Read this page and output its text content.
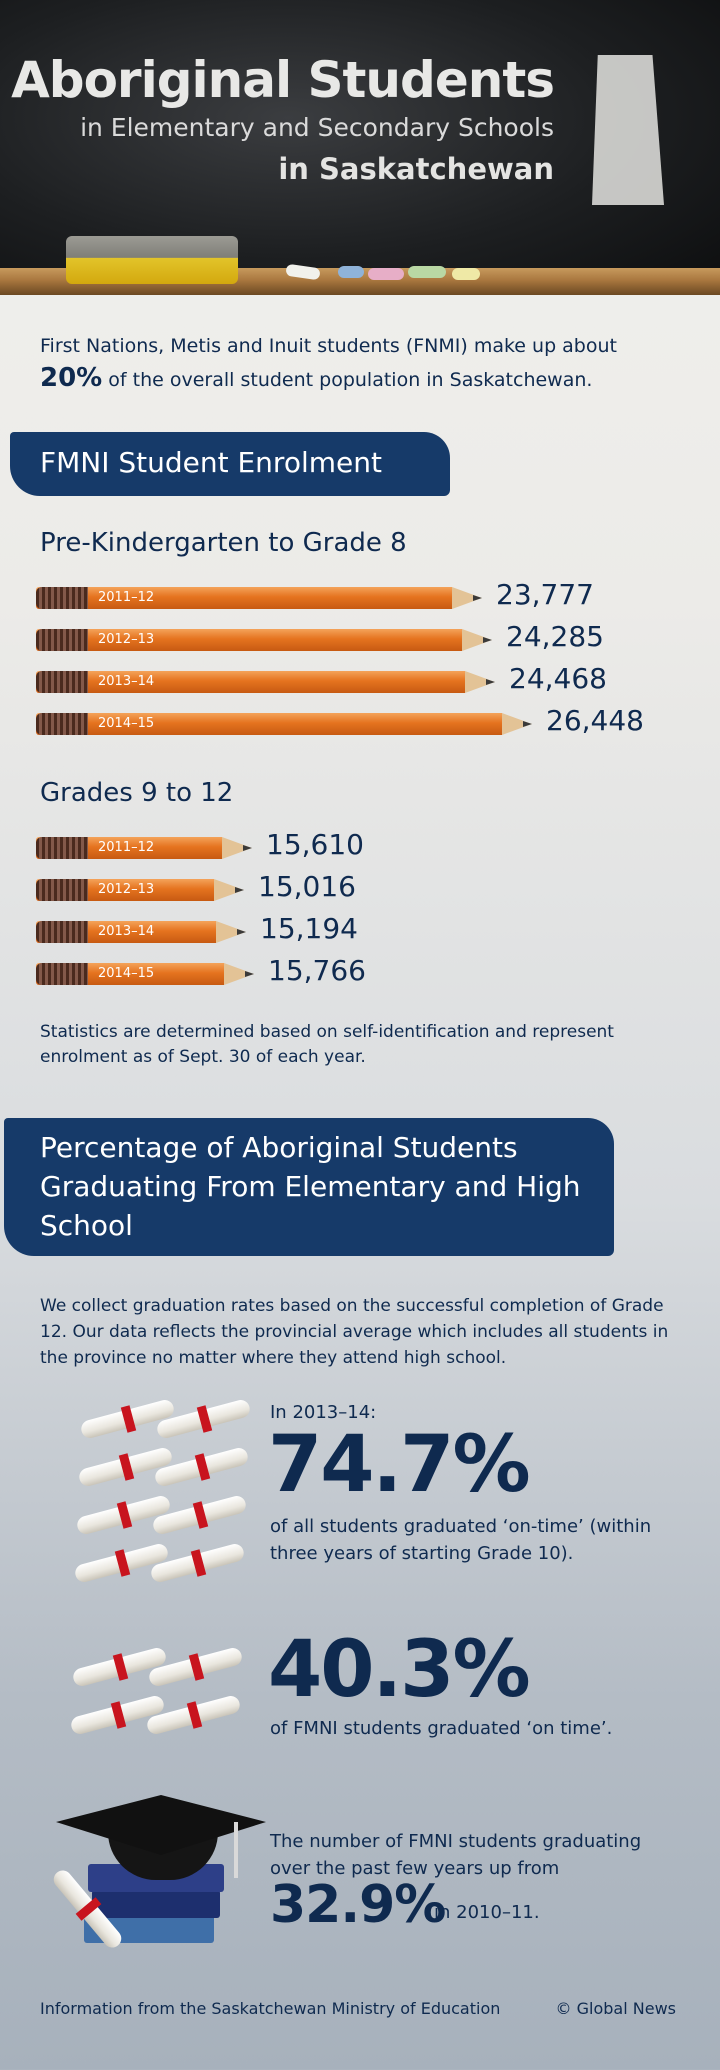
Aboriginal Students
in Elementary and Secondary Schools
in Saskatchewan
First Nations, Metis and Inuit students (FNMI) make up about
20% of the overall student population in Saskatchewan.
FMNI Student Enrolment
Pre-Kindergarten to Grade 8
2011–12	23,777
2012–13	24,285
2013–14	24,468
2014–15	26,448
Grades 9 to 12
2011–12	15,610
2012–13	15,016
2013–14	15,194
2014–15	15,766
Statistics are determined based on self-identification and represent enrolment as of Sept. 30 of each year.
Percentage of Aboriginal Students Graduating From Elementary and High School
We collect graduation rates based on the successful completion of Grade 12. Our data reflects the provincial average which includes all students in the province no matter where they attend high school.
In 2013–14:
74.7%
of all students graduated ‘on-time’ (within three years of starting Grade 10).
40.3%
of FMNI students graduated ‘on time’.
The number of FMNI students graduating over the past few years up from
32.9%
in 2010–11.
Information from the Saskatchewan Ministry of Education	© Global News
